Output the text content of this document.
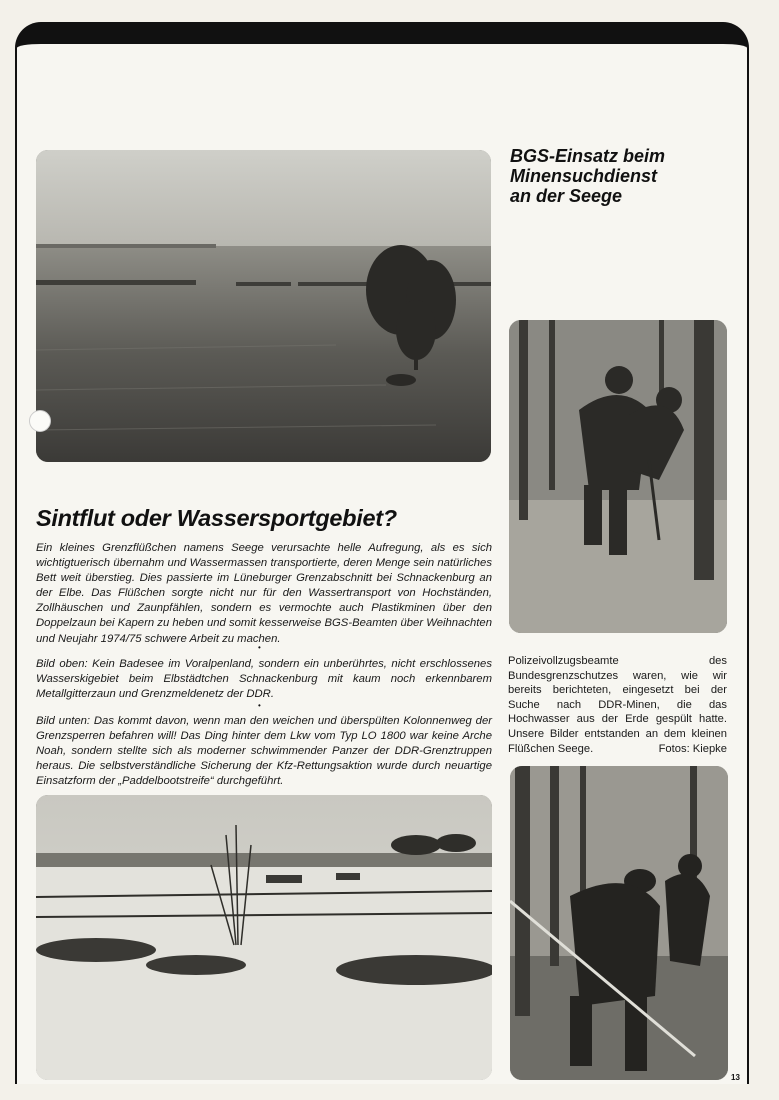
BGS-Einsatz beim
Minensuchdienst
an der Seege
Sintflut oder Wassersportgebiet?

Ein kleines Grenzflüßchen namens Seege verursachte helle Aufregung, als es sich wichtigtuerisch übernahm und Wassermassen transportierte, deren Menge sein natürliches Bett weit überstieg. Dies passierte im Lüneburger Grenzabschnitt bei Schnackenburg an der Elbe. Das Flüßchen sorgte nicht nur für den Wassertransport von Hochständen, Zollhäuschen und Zaunpfählen, sondern es vermochte auch Plastikminen über den Doppelzaun bei Kapern zu heben und somit kesserweise BGS-Beamten über Weihnachten und Neujahr 1974/75 schwere Arbeit zu machen.

•

Bild oben: Kein Badesee im Voralpenland, sondern ein unberührtes, nicht erschlossenes Wasserskigebiet beim Elbstädtchen Schnackenburg mit kaum noch erkennbarem Metallgitterzaun und Grenzmeldenetz der DDR.

•

Bild unten: Das kommt davon, wenn man den weichen und überspülten Kolonnenweg der Grenzsperren befahren will! Das Ding hinter dem Lkw vom Typ LO 1800 war keine Arche Noah, sondern stellte sich als moderner schwimmender Panzer der DDR-Grenztruppen heraus. Die selbstverständliche Sicherung der Kfz-Rettungsaktion wurde durch neuartige Einsatzform der „Paddelbootstreife“ durchgeführt.

Polizeivollzugsbeamte des Bundesgrenzschutzes waren, wie wir bereits berichteten, eingesetzt bei der Suche nach DDR-Minen, die das Hochwasser aus der Erde gespült hatte. Unsere Bilder entstanden an dem kleinen Flüßchen Seege.	Fotos: Kiepke

13
